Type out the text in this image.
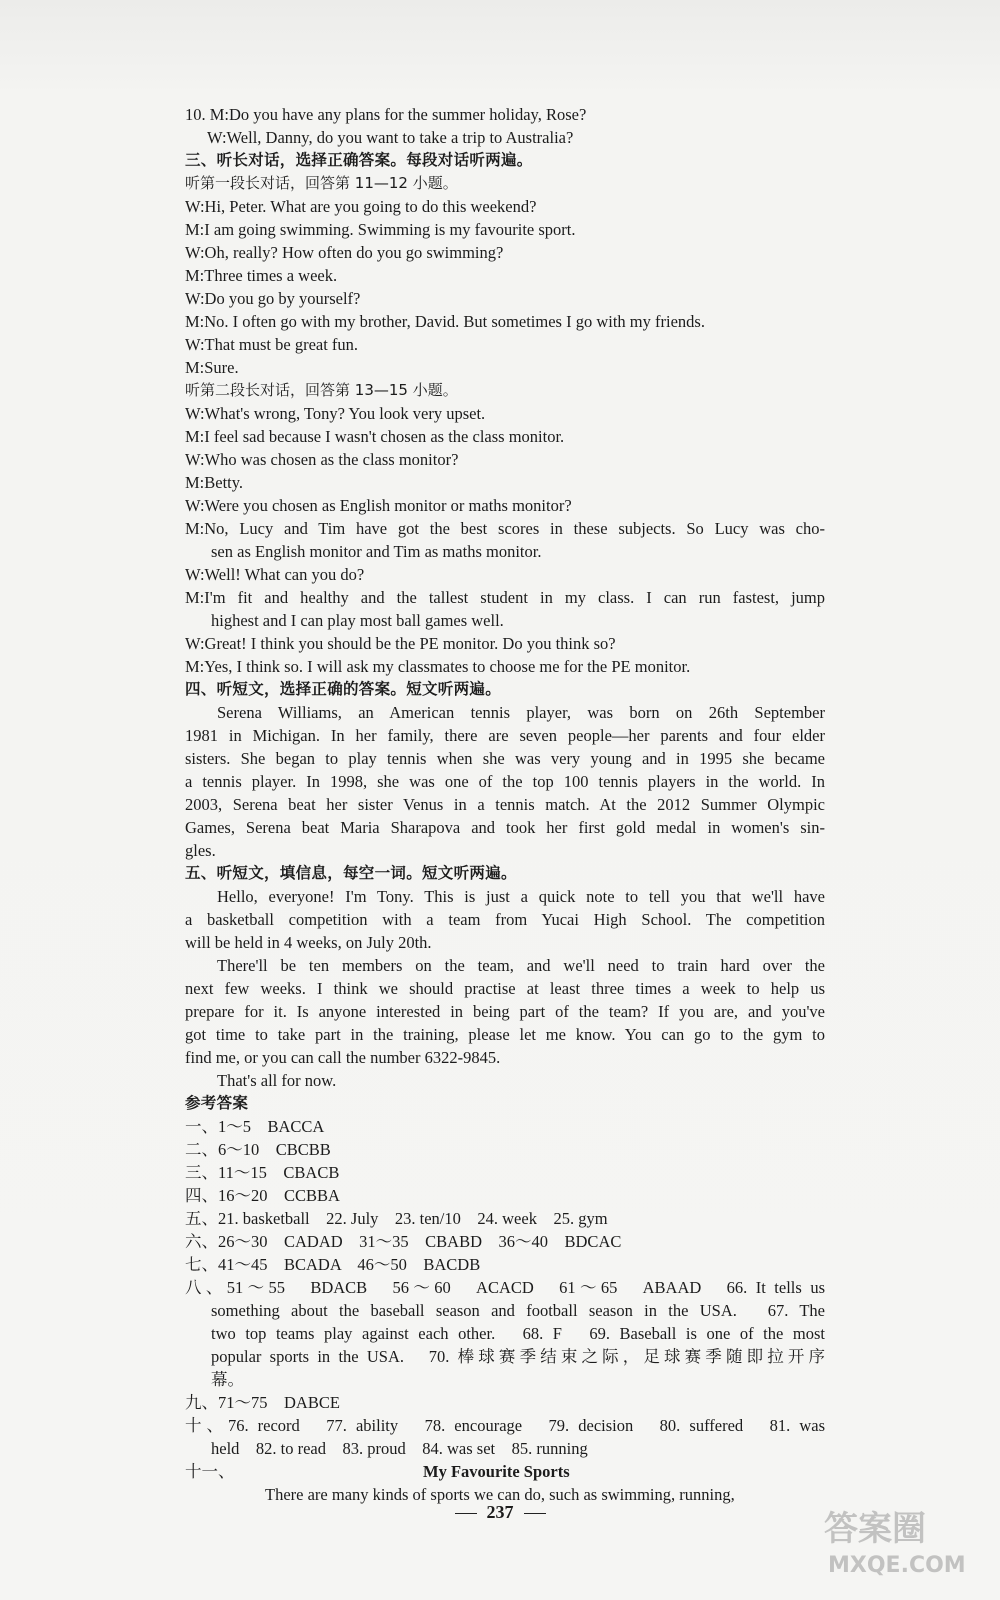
10. M:Do you have any plans for the summer holiday, Rose?
W:Well, Danny, do you want to take a trip to Australia?
三、听长对话，选择正确答案。每段对话听两遍。
听第一段长对话，回答第 11—12 小题。
W:Hi, Peter. What are you going to do this weekend?
M:I am going swimming. Swimming is my favourite sport.
W:Oh, really? How often do you go swimming?
M:Three times a week.
W:Do you go by yourself?
M:No. I often go with my brother, David. But sometimes I go with my friends.
W:That must be great fun.
M:Sure.
听第二段长对话，回答第 13—15 小题。
W:What's wrong, Tony? You look very upset.
M:I feel sad because I wasn't chosen as the class monitor.
W:Who was chosen as the class monitor?
M:Betty.
W:Were you chosen as English monitor or maths monitor?
M:No, Lucy and Tim have got the best scores in these subjects. So Lucy was cho-
sen as English monitor and Tim as maths monitor.
W:Well! What can you do?
M:I'm fit and healthy and the tallest student in my class. I can run fastest, jump
highest and I can play most ball games well.
W:Great! I think you should be the PE monitor. Do you think so?
M:Yes, I think so. I will ask my classmates to choose me for the PE monitor.
四、听短文，选择正确的答案。短文听两遍。
Serena Williams, an American tennis player, was born on 26th September
1981 in Michigan. In her family, there are seven people—her parents and four elder
sisters. She began to play tennis when she was very young and in 1995 she became
a tennis player. In 1998, she was one of the top 100 tennis players in the world. In
2003, Serena beat her sister Venus in a tennis match. At the 2012 Summer Olympic
Games, Serena beat Maria Sharapova and took her first gold medal in women's sin-
gles.
五、听短文，填信息，每空一词。短文听两遍。
Hello, everyone! I'm Tony. This is just a quick note to tell you that we'll have
a basketball competition with a team from Yucai High School. The competition
will be held in 4 weeks, on July 20th.
There'll be ten members on the team, and we'll need to train hard over the
next few weeks. I think we should practise at least three times a week to help us
prepare for it. Is anyone interested in being part of the team? If you are, and you've
got time to take part in the training, please let me know. You can go to the gym to
find me, or you can call the number 6322-9845.
That's all for now.
参考答案
一、1～5　BACCA
二、6～10　CBCBB
三、11～15　CBACB
四、16～20　CCBBA
五、21. basketball　22. July　23. ten/10　24. week　25. gym
六、26～30　CADAD　31～35　CBABD　36～40　BDCAC
七、41～45　BCADA　46～50　BACDB
八、51～55　BDACB　56～60　ACACD　61～65　ABAAD　66. It tells us
something about the baseball season and football season in the USA.　67. The
two top teams play against each other.　68. F　69. Baseball is one of the most
popular sports in the USA.　70. 棒球赛季结束之际，足球赛季随即拉开序
幕。
九、71～75　DABCE
十、76. record　77. ability　78. encourage　79. decision　80. suffered　81. was
held　82. to read　83. proud　84. was set　85. running
十一、	My Favourite Sports
There are many kinds of sports we can do, such as swimming, running,
237	答案圈
MXQE.COM
